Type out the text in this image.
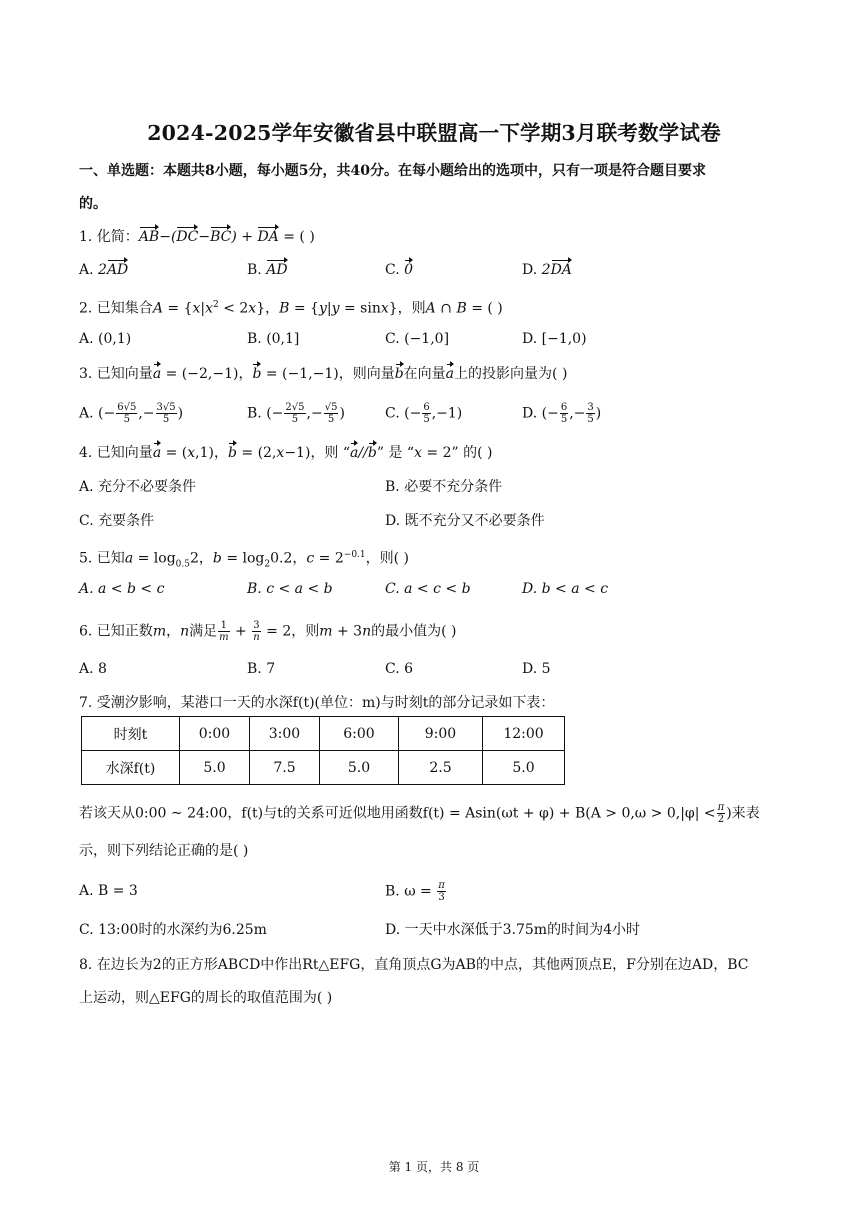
2024-2025学年安徽省县中联盟高一下学期3月联考数学试卷
一、单选题：本题共8小题，每小题5分，共40分。在每小题给出的选项中，只有一项是符合题目要求
的。
1. 化简：AB−(DC−BC) + DA = ( )
A. 2AD	B. AD	C. 0	D. 2DA
2. 已知集合$A = \{x|x^2 < 2x\}$，B = {y|y = sinx}，则A ∩ B = ( )
A. (0,1)	B. (0,1]	C. (−1,0]	D. [−1,0)
3. 已知向量a = (−2,−1)，b = (−1,−1)，则向量b在向量a上的投影向量为( )
A. (− $\frac{6√5}{5}$ ,− $\frac{3√5}{5}$ )	B. (− $\frac{2√5}{5}$ ,− $\frac{√5}{5}$ )	C. (− $\frac{6}{5} ,-1$)	D. (− $\frac{6}{5}$ ,− $\frac{3}{5}$ )
4. 已知向量a = (x,1)，b = (2,x−1)，则 “a//b” 是 “x = 2” 的( )
A. 充分不必要条件	B. 必要不充分条件
C. 充要条件	D. 既不充分又不必要条件
5. 已知$a = \log_{0.5}2$，$b = \log_20.2$，$c = 2^{-0.1}$，则( )
A. a < b < c	B. c < a < b	C. a < c < b	D. b < a < c
6. 已知正数m，n满足 $\frac{1}{m} + \frac{3}{n} = 2$，则m + 3n的最小值为( )
A. 8	B. 7	C. 6	D. 5
7. 受潮汐影响，某港口一天的水深f(t)(单位：m)与时刻t的部分记录如下表：
时刻t	0:00	3:00	6:00	9:00	12:00
水深f(t)	5.0	7.5	5.0	2.5	5.0
若该天从0:00 ~ 24:00，f(t)与t的关系可近似地用函数$f(t) = Asin(\omega t + \varphi) + B(A > 0,\omega > 0,|\varphi| < \frac{\pi}{2}$ )来表
示，则下列结论正确的是( )
A. B = 3	B. $\omega = \frac{\pi}{3}$
C. 13:00时的水深约为6.25m	D. 一天中水深低于3.75m的时间为4小时
8. 在边长为2的正方形ABCD中作出Rt△EFG，直角顶点G为AB的中点，其他两顶点E，F分别在边AD，BC
上运动，则△EFG的周长的取值范围为( )
第 1 页，共 8 页
